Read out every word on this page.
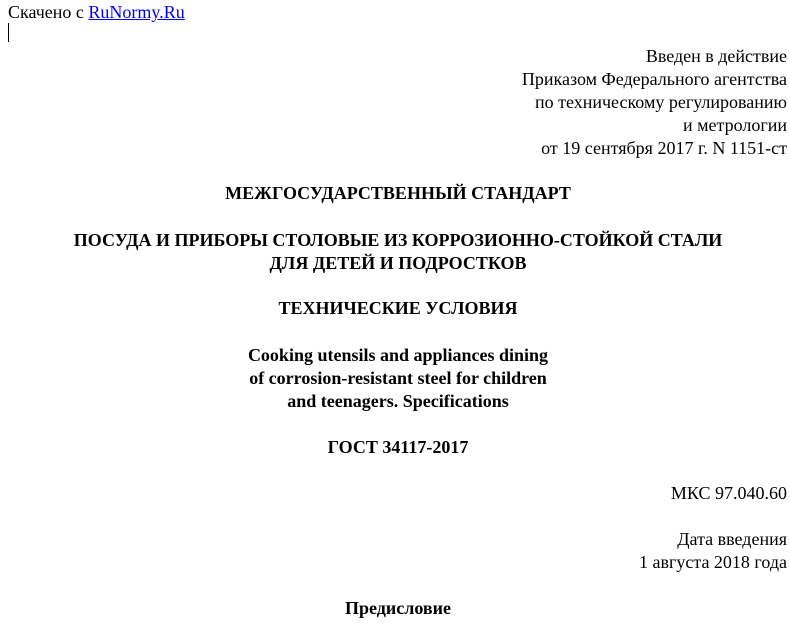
Скачено с RuNormy.Ru
Введен в действие
Приказом Федерального агентства
по техническому регулированию
и метрологии
от 19 сентября 2017 г. N 1151-ст
МЕЖГОСУДАРСТВЕННЫЙ СТАНДАРТ
ПОСУДА И ПРИБОРЫ СТОЛОВЫЕ ИЗ КОРРОЗИОННО-СТОЙКОЙ СТАЛИ
ДЛЯ ДЕТЕЙ И ПОДРОСТКОВ
ТЕХНИЧЕСКИЕ УСЛОВИЯ
Cooking utensils and appliances dining
of corrosion-resistant steel for children
and teenagers. Specifications
ГОСТ 34117-2017
МКС 97.040.60
Дата введения
1 августа 2018 года
Предисловие
